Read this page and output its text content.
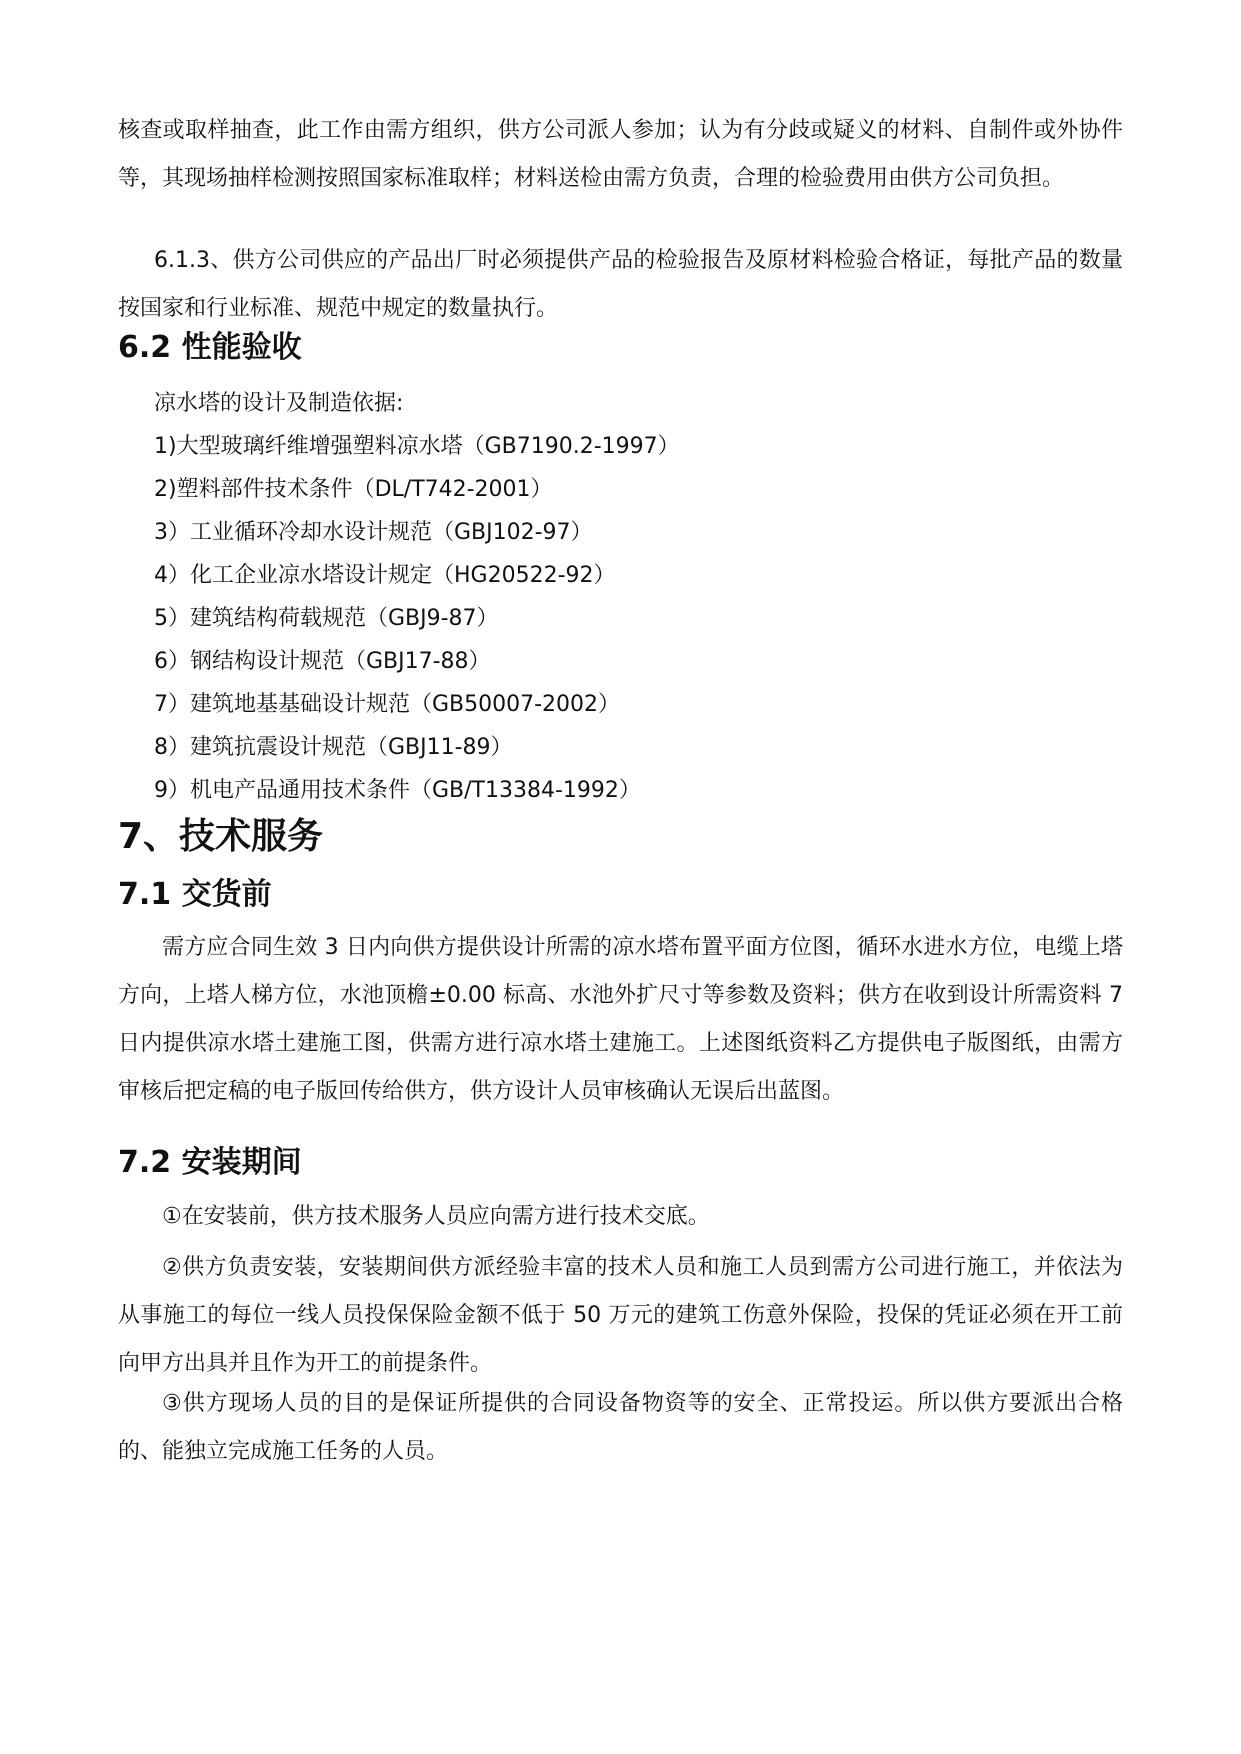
核查或取样抽查，此工作由需方组织，供方公司派人参加；认为有分歧或疑义的材料、自制件或外协件等，其现场抽样检测按照国家标准取样；材料送检由需方负责，合理的检验费用由供方公司负担。

6.1.3、供方公司供应的产品出厂时必须提供产品的检验报告及原材料检验合格证，每批产品的数量按国家和行业标准、规范中规定的数量执行。

6.2 性能验收

凉水塔的设计及制造依据:

1)大型玻璃纤维增强塑料凉水塔（GB7190.2-1997）

2)塑料部件技术条件（DL/T742-2001）

3）工业循环冷却水设计规范（GBJ102-97）

4）化工企业凉水塔设计规定（HG20522-92）

5）建筑结构荷载规范（GBJ9-87）

6）钢结构设计规范（GBJ17-88）

7）建筑地基基础设计规范（GB50007-2002）

8）建筑抗震设计规范（GBJ11-89）

9）机电产品通用技术条件（GB/T13384-1992）

7、技术服务
7.1 交货前

需方应合同生效 3 日内向供方提供设计所需的凉水塔布置平面方位图，循环水进水方位，电缆上塔方向，上塔人梯方位，水池顶檐±0.00 标高、水池外扩尺寸等参数及资料；供方在收到设计所需资料 7 日内提供凉水塔土建施工图，供需方进行凉水塔土建施工。上述图纸资料乙方提供电子版图纸，由需方审核后把定稿的电子版回传给供方，供方设计人员审核确认无误后出蓝图。

7.2 安装期间

①在安装前，供方技术服务人员应向需方进行技术交底。

②供方负责安装，安装期间供方派经验丰富的技术人员和施工人员到需方公司进行施工，并依法为从事施工的每位一线人员投保保险金额不低于 50 万元的建筑工伤意外保险，投保的凭证必须在开工前向甲方出具并且作为开工的前提条件。

③供方现场人员的目的是保证所提供的合同设备物资等的安全、正常投运。所以供方要派出合格的、能独立完成施工任务的人员。
